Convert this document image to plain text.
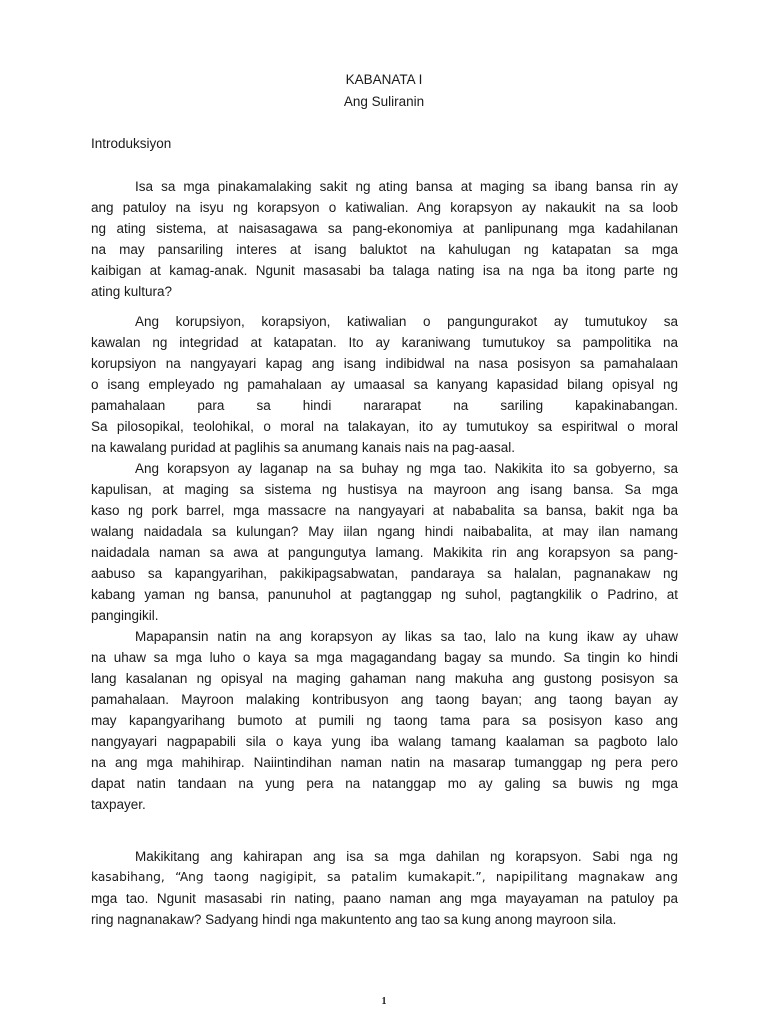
KABANATA I
Ang Suliranin
Introduksiyon
Isa sa mga pinakamalaking sakit ng ating bansa at maging sa ibang bansa rin ay
ang patuloy na isyu ng korapsyon o katiwalian. Ang korapsyon ay nakaukit na sa loob
ng ating sistema, at naisasagawa sa pang-ekonomiya at panlipunang mga kadahilanan
na may pansariling interes at isang baluktot na kahulugan ng katapatan sa mga
kaibigan at kamag-anak. Ngunit masasabi ba talaga nating isa na nga ba itong parte ng
ating kultura?
Ang korupsiyon, korapsiyon, katiwalian o pangungurakot ay tumutukoy sa
kawalan ng integridad at katapatan. Ito ay karaniwang tumutukoy sa pampolitika na
korupsiyon na nangyayari kapag ang isang indibidwal na nasa posisyon sa pamahalaan
o isang empleyado ng pamahalaan ay umaasal sa kanyang kapasidad bilang opisyal ng
pamahalaan para sa hindi nararapat na sariling kapakinabangan.
Sa pilosopikal, teolohikal, o moral na talakayan, ito ay tumutukoy sa espiritwal o moral
na kawalang puridad at paglihis sa anumang kanais nais na pag-aasal.
Ang korapsyon ay laganap na sa buhay ng mga tao. Nakikita ito sa gobyerno, sa
kapulisan, at maging sa sistema ng hustisya na mayroon ang isang bansa. Sa mga
kaso ng pork barrel, mga massacre na nangyayari at nababalita sa bansa, bakit nga ba
walang naidadala sa kulungan? May iilan ngang hindi naibabalita, at may ilan namang
naidadala naman sa awa at pangungutya lamang. Makikita rin ang korapsyon sa pang-
aabuso sa kapangyarihan, pakikipagsabwatan, pandaraya sa halalan, pagnanakaw ng
kabang yaman ng bansa, panunuhol at pagtanggap ng suhol, pagtangkilik o Padrino, at
pangingikil.
Mapapansin natin na ang korapsyon ay likas sa tao, lalo na kung ikaw ay uhaw
na uhaw sa mga luho o kaya sa mga magagandang bagay sa mundo. Sa tingin ko hindi
lang kasalanan ng opisyal na maging gahaman nang makuha ang gustong posisyon sa
pamahalaan. Mayroon malaking kontribusyon ang taong bayan; ang taong bayan ay
may kapangyarihang bumoto at pumili ng taong tama para sa posisyon kaso ang
nangyayari nagpapabili sila o kaya yung iba walang tamang kaalaman sa pagboto lalo
na ang mga mahihirap. Naiintindihan naman natin na masarap tumanggap ng pera pero
dapat natin tandaan na yung pera na natanggap mo ay galing sa buwis ng mga
taxpayer.
Makikitang ang kahirapan ang isa sa mga dahilan ng korapsyon. Sabi nga ng
kasabihang, “Ang taong nagigipit, sa patalim kumakapit.”, napipilitang magnakaw ang
mga tao. Ngunit masasabi rin nating, paano naman ang mga mayayaman na patuloy pa
ring nagnanakaw? Sadyang hindi nga makuntento ang tao sa kung anong mayroon sila.
1
